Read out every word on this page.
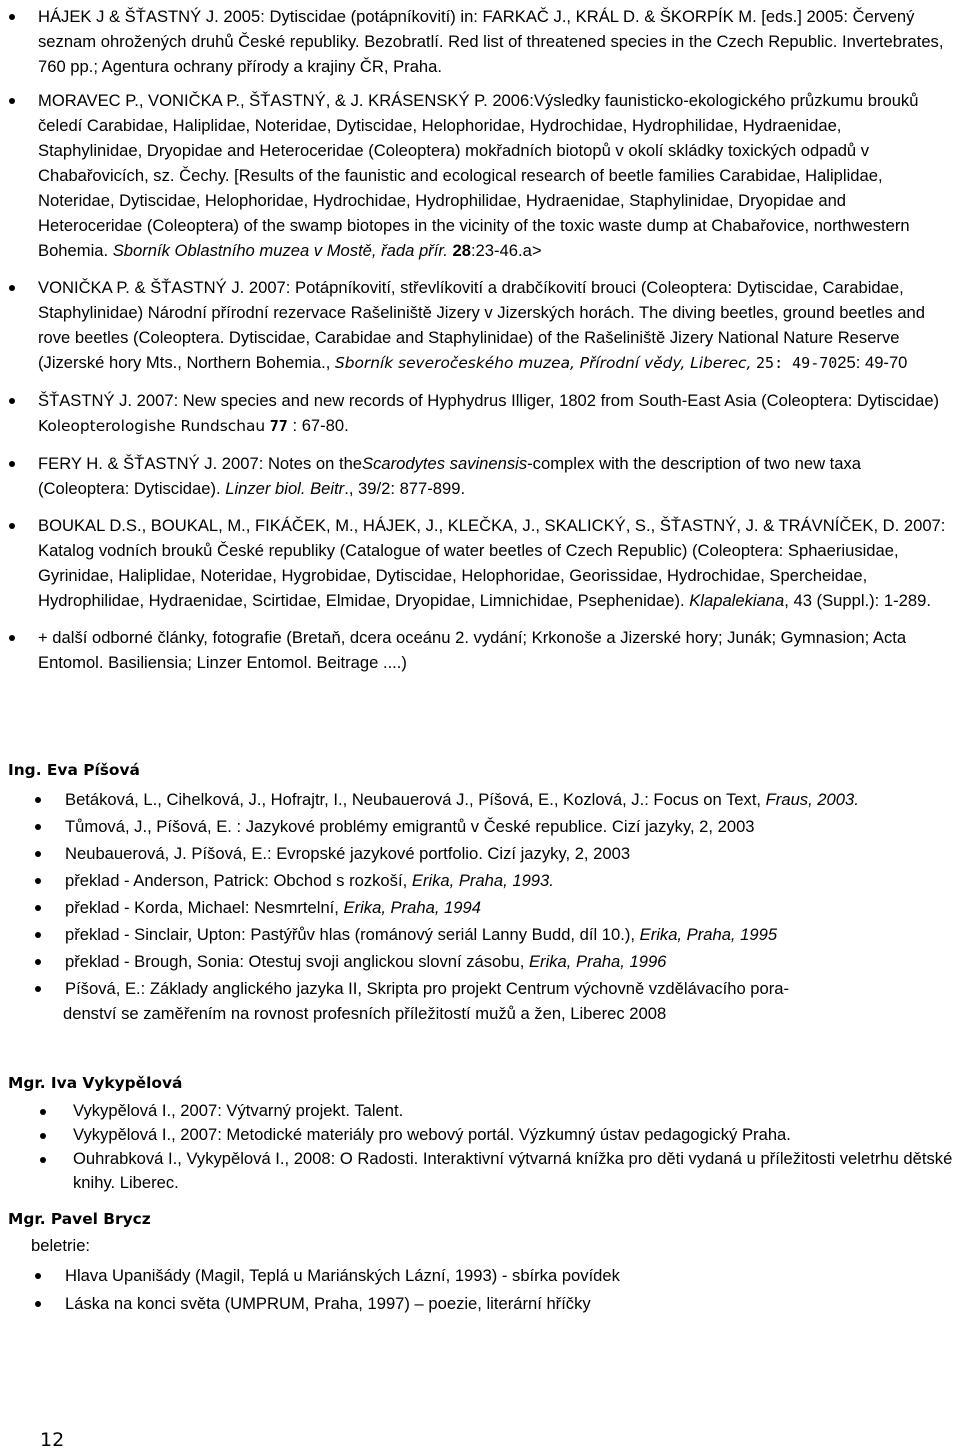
HÁJEK J & ŠŤASTNÝ J. 2005: Dytiscidae (potápníkovití) in: FARKAČ J., KRÁL D. & ŠKORPÍK M. [eds.] 2005: Červený seznam ohrožených druhů České republiky. Bezobratlí. Red list of threatened species in the Czech Republic. Invertebrates, 760 pp.; Agentura ochrany přírody a krajiny ČR, Praha.
MORAVEC P., VONIČKA P., ŠŤASTNÝ, & J. KRÁSENSKÝ P. 2006:Výsledky faunisticko-ekologického průzkumu brouků čeledí Carabidae, Haliplidae, Noteridae, Dytiscidae, Helophoridae, Hydrochidae, Hydrophilidae, Hydraenidae, Staphylinidae, Dryopidae and Heteroceridae (Coleoptera) mokřadních biotopů v okolí skládky toxických odpadů v Chabařovicích, sz. Čechy. [Results of the faunistic and ecological research of beetle families Carabidae, Haliplidae, Noteridae, Dytiscidae, Helophoridae, Hydrochidae, Hydrophilidae, Hydraenidae, Staphylinidae, Dryopidae and Heteroceridae (Coleoptera) of the swamp biotopes in the vicinity of the toxic waste dump at Chabařovice, northwestern Bohemia. Sborník Oblastního muzea v Mostě, řada přír. 28:23-46.a>
VONIČKA P. & ŠŤASTNÝ J. 2007: Potápníkovití, střevlíkovití a drabčíkovití brouci (Coleoptera: Dytiscidae, Carabidae, Staphylinidae) Národní přírodní rezervace Rašeliniště Jizery v Jizerských horách. The diving beetles, ground beetles and rove beetles (Coleoptera. Dytiscidae, Carabidae and Staphylinidae) of the Rašeliniště Jizery National Nature Reserve (Jizerské hory Mts., Northern Bohemia., Sborník severočeského muzea, Přírodní vědy, Liberec, 25: 49-7025: 49-70
ŠŤASTNÝ J. 2007: New species and new records of Hyphydrus Illiger, 1802 from South-East Asia (Coleoptera: Dytiscidae) Koleopterologishe Rundschau 77 : 67-80.
FERY H. & ŠŤASTNÝ J. 2007: Notes on theScarodytes savinensis-complex with the description of two new taxa (Coleoptera: Dytiscidae). Linzer biol. Beitr., 39/2: 877-899.
BOUKAL D.S., BOUKAL, M., FIKÁČEK, M., HÁJEK, J., KLEČKA, J., SKALICKÝ, S., ŠŤASTNÝ, J. & TRÁVNÍČEK, D. 2007: Katalog vodních brouků České republiky (Catalogue of water beetles of Czech Republic) (Coleoptera: Sphaeriusidae, Gyrinidae, Haliplidae, Noteridae, Hygrobidae, Dytiscidae, Helophoridae, Georissidae, Hydrochidae, Spercheidae, Hydrophilidae, Hydraenidae, Scirtidae, Elmidae, Dryopidae, Limnichidae, Psephenidae). Klapalekiana, 43 (Suppl.): 1-289.
+ další odborné články, fotografie (Bretaň, dcera oceánu 2. vydání; Krkonoše a Jizerské hory; Junák; Gymnasion; Acta Entomol. Basiliensia; Linzer Entomol. Beitrage ....)
Ing. Eva Píšová
Betáková, L., Cihelková, J., Hofrajtr, I., Neubauerová J., Píšová, E., Kozlová, J.: Focus on Text, Fraus, 2003.
Tůmová, J., Píšová, E. : Jazykové problémy emigrantů v České republice. Cizí jazyky, 2, 2003
Neubauerová, J. Píšová, E.: Evropské jazykové portfolio. Cizí jazyky, 2, 2003
překlad - Anderson, Patrick: Obchod s rozkoší, Erika, Praha, 1993.
překlad - Korda, Michael: Nesmrtelní, Erika, Praha, 1994
překlad - Sinclair, Upton: Pastýřův hlas (románový seriál Lanny Budd, díl 10.), Erika, Praha, 1995
překlad - Brough, Sonia: Otestuj svoji anglickou slovní zásobu, Erika, Praha, 1996
Píšová, E.: Základy anglického jazyka II, Skripta pro projekt Centrum výchovně vzdělávacího pora-
denství se zaměřením na rovnost profesních příležitostí mužů a žen, Liberec 2008
Mgr. Iva Vykypělová
Vykypělová I., 2007: Výtvarný projekt. Talent.
Vykypělová I., 2007: Metodické materiály pro webový portál. Výzkumný ústav pedagogický Praha.
Ouhrabková I., Vykypělová I., 2008: O Radosti. Interaktivní výtvarná knížka pro děti vydaná u příležitosti veletrhu dětské knihy. Liberec.
Mgr. Pavel Brycz
beletrie:
Hlava Upanišády (Magil, Teplá u Mariánských Lázní, 1993) - sbírka povídek
Láska na konci světa (UMPRUM, Praha, 1997) – poezie, literární hříčky
12
